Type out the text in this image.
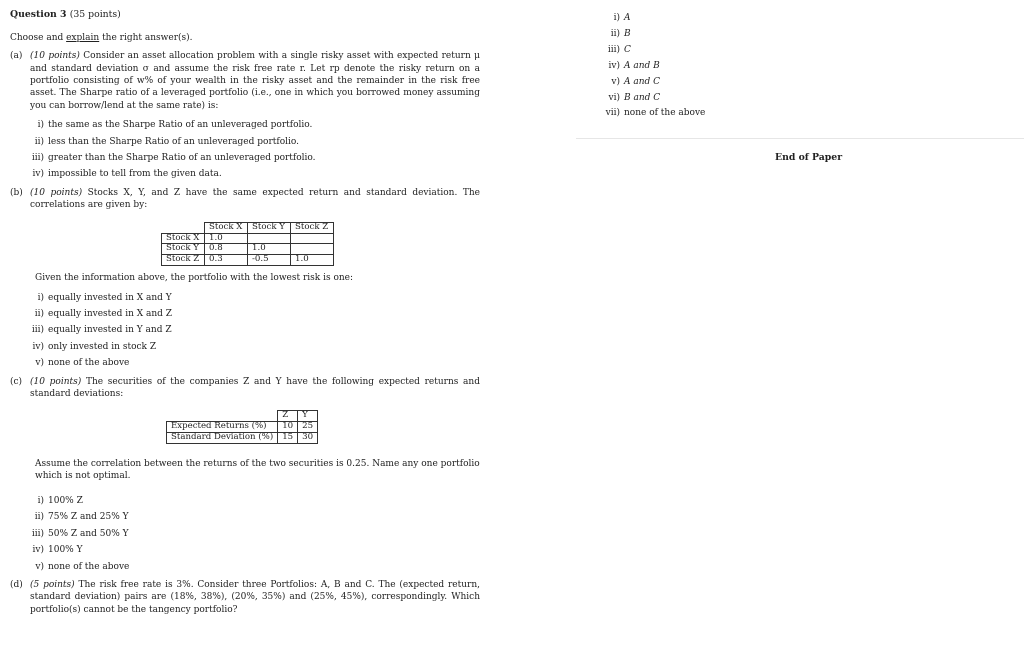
Question 3 (35 points)
Choose and explain the right answer(s).
(a) (10 points) Consider an asset allocation problem with a single risky asset with expected return μ and standard deviation σ and assume the risk free rate r. Let rp denote the risky return on a portfolio consisting of w% of your wealth in the risky asset and the remainder in the risk free asset. The Sharpe ratio of a leveraged portfolio (i.e., one in which you borrowed money assuming you can borrow/lend at the same rate) is:
i) the same as the Sharpe Ratio of an unleveraged portfolio.
ii) less than the Sharpe Ratio of an unleveraged portfolio.
iii) greater than the Sharpe Ratio of an unleveraged portfolio.
iv) impossible to tell from the given data.
(b) (10 points) Stocks X, Y, and Z have the same expected return and standard deviation. The correlations are given by:
	Stock X	Stock Y	Stock Z
Stock X	1.0		
Stock Y	0.8	1.0	
Stock Z	0.3	-0.5	1.0
Given the information above, the portfolio with the lowest risk is one:
i) equally invested in X and Y
ii) equally invested in X and Z
iii) equally invested in Y and Z
iv) only invested in stock Z
v) none of the above
(c) (10 points) The securities of the companies Z and Y have the following expected returns and standard deviations:
	Z	Y
Expected Returns (%)	10	25
Standard Deviation (%)	15	30
Assume the correlation between the returns of the two securities is 0.25. Name any one portfolio which is not optimal.
i) 100% Z
ii) 75% Z and 25% Y
iii) 50% Z and 50% Y
iv) 100% Y
v) none of the above
(d) (5 points) The risk free rate is 3%. Consider three Portfolios: A, B and C. The (expected return, standard deviation) pairs are (18%, 38%), (20%, 35%) and (25%, 45%), correspondingly. Which portfolio(s) cannot be the tangency portfolio?
i) A
ii) B
iii) C
iv) A and B
v) A and C
vi) B and C
vii) none of the above
End of Paper
